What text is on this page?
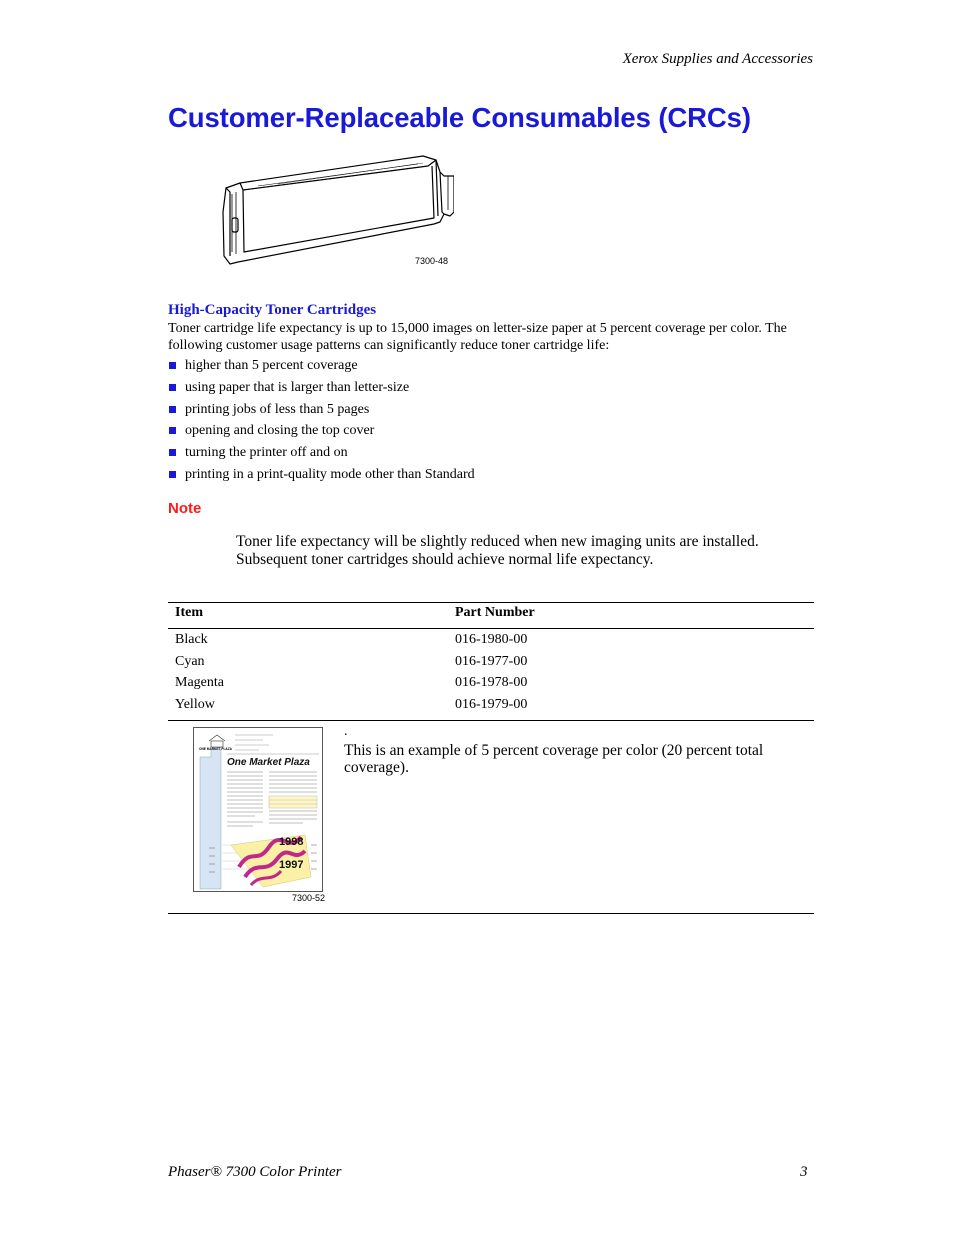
Xerox Supplies and Accessories
Customer-Replaceable Consumables (CRCs)
7300-48
High-Capacity Toner Cartridges

Toner cartridge life expectancy is up to 15,000 images on letter-size paper at 5 percent coverage per color. The following customer usage patterns can significantly reduce toner cartridge life:

higher than 5 percent coverage
using paper that is larger than letter-size
printing jobs of less than 5 pages
opening and closing the top cover
turning the printer off and on
printing in a print-quality mode other than Standard
Note

Toner life expectancy will be slightly reduced when new imaging units are installed. Subsequent toner cartridges should achieve normal life expectancy.

Item	Part Number
Black	016-1980-00
Cyan	016-1977-00
Magenta	016-1978-00
Yellow	016-1979-00
ONE MARKET PLAZA
One Market Plaza
1998
1997
7300-52
.

This is an example of 5 percent coverage per color (20 percent total coverage).

Phaser® 7300 Color Printer	3
